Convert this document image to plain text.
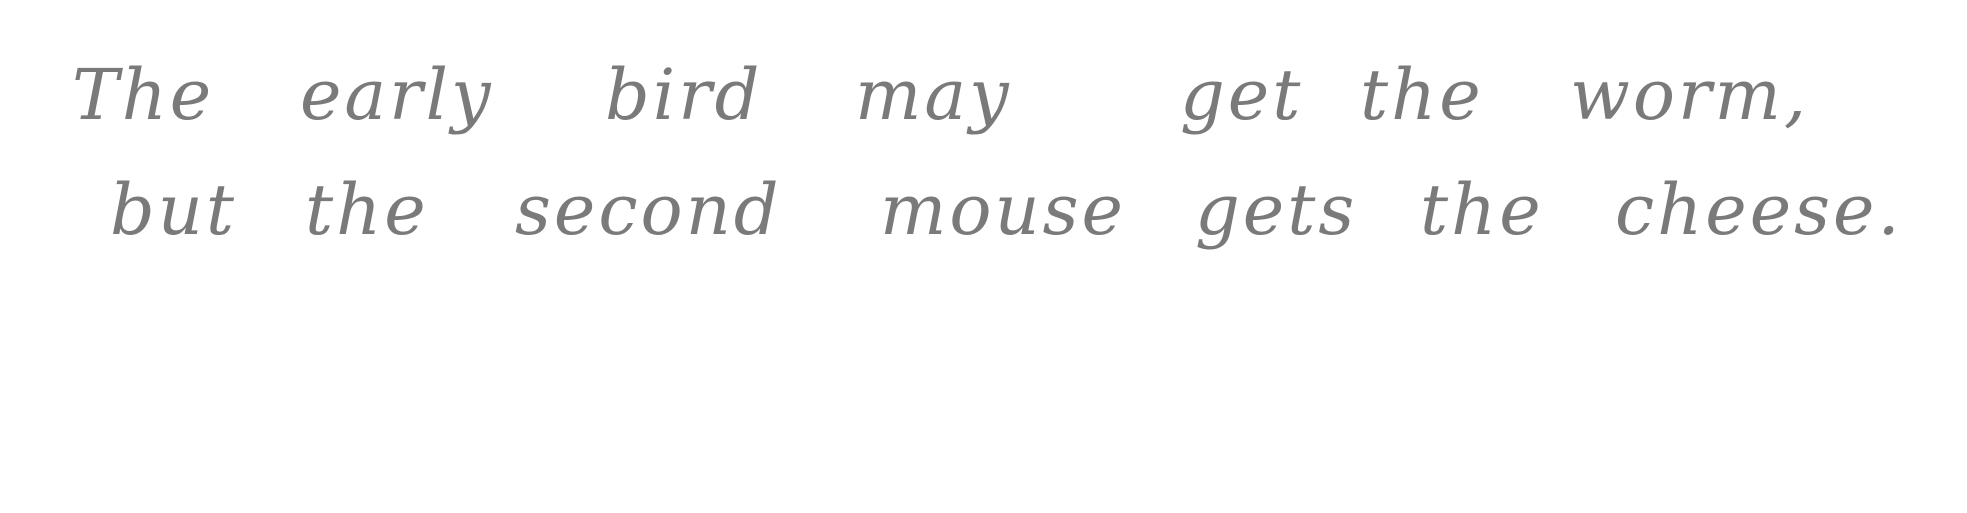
The early bird may get the worm,
but the second mouse gets the cheese.
